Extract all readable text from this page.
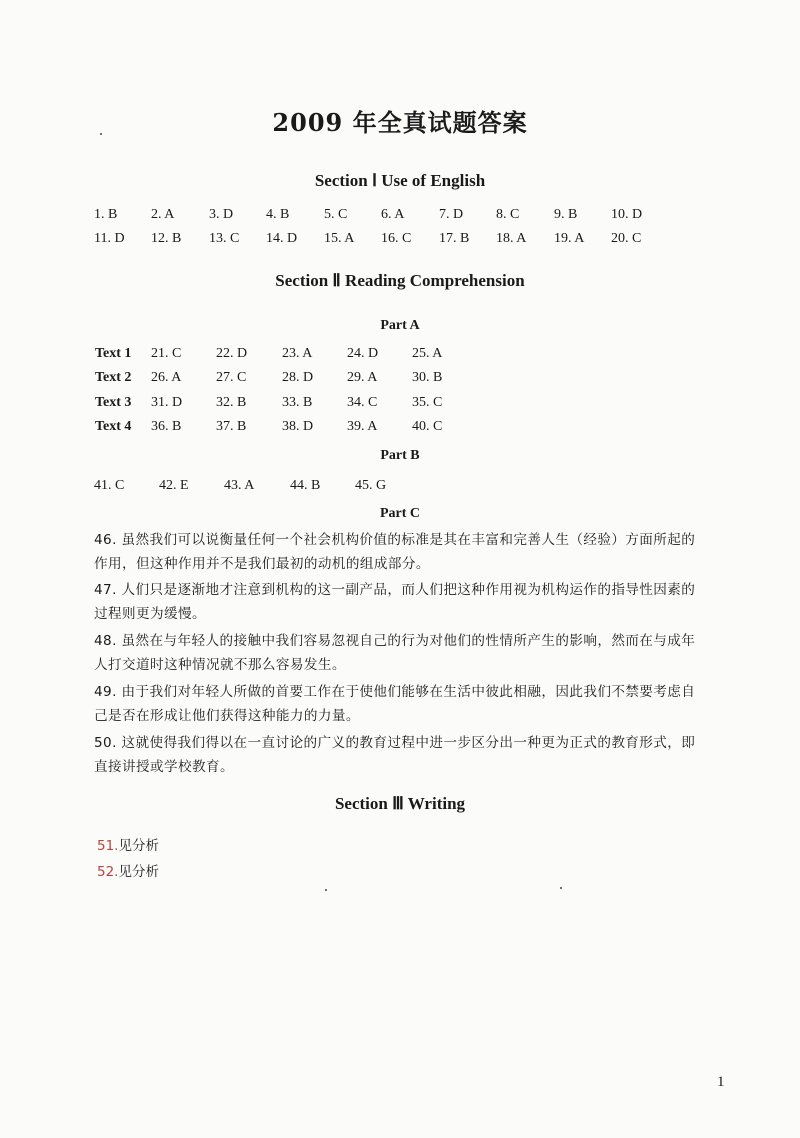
2009 年全真试题答案
Section Ⅰ Use of English
1. B 2. A 3. D 4. B 5. C 6. A 7. D 8. C 9. B 10. D
11. D 12. B 13. C 14. D 15. A 16. C 17. B 18. A 19. A 20. C
Section Ⅱ Reading Comprehension
Part A
Text 1 21. C 22. D 23. A 24. D 25. A
Text 2 26. A 27. C	28. D 29. A 30. B
Text 3 31. D 32. B	33. B 34. C 35. C
Text 4 36. B 37. B	38. D 39. A 40. C
Part B
41. C 42. E	43. A	44. B 45. G
Part C
46. 虽然我们可以说衡量任何一个社会机构价值的标准是其在丰富和完善人生（经验）方面所起的作用，但这种作用并不是我们最初的动机的组成部分。
47. 人们只是逐渐地才注意到机构的这一副产品，而人们把这种作用视为机构运作的指导性因素的过程则更为缓慢。
48. 虽然在与年轻人的接触中我们容易忽视自己的行为对他们的性情所产生的影响，然而在与成年人打交道时这种情况就不那么容易发生。
49. 由于我们对年轻人所做的首要工作在于使他们能够在生活中彼此相融，因此我们不禁要考虑自己是否在形成让他们获得这种能力的力量。
50. 这就使得我们得以在一直讨论的广义的教育过程中进一步区分出一种更为正式的教育形式，即直接讲授或学校教育。
Section Ⅲ Writing
51.见分析
52.见分析
1
